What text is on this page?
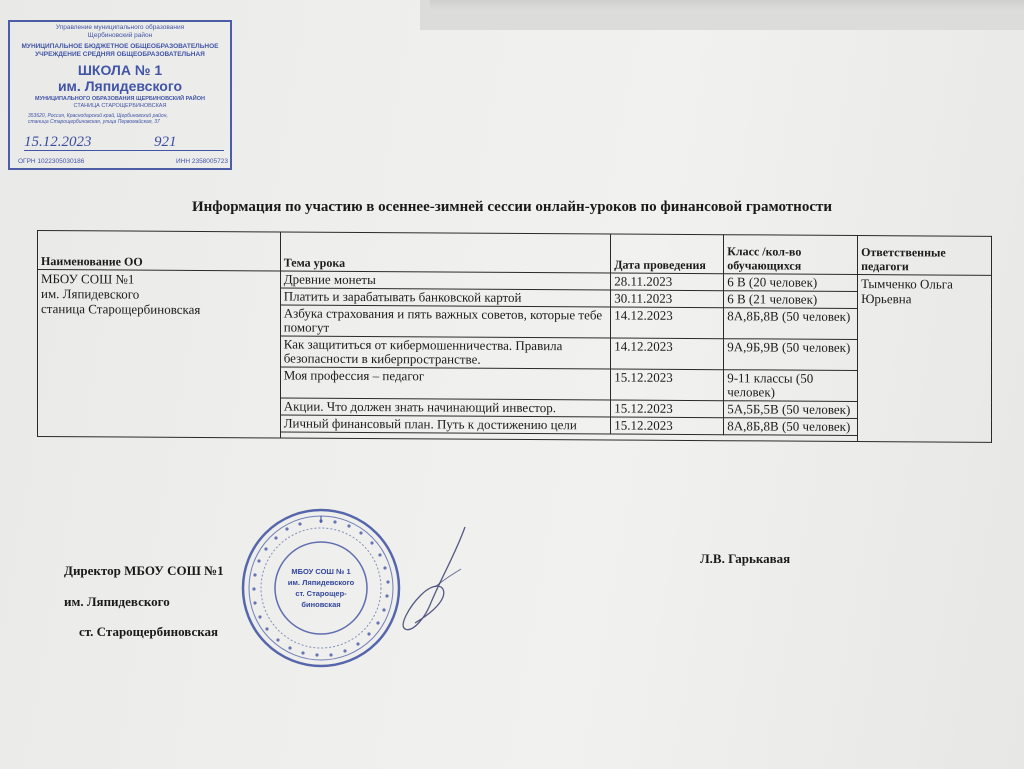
Управление муниципального образования
Щербиновский район
МУНИЦИПАЛЬНОЕ БЮДЖЕТНОЕ ОБЩЕОБРАЗОВАТЕЛЬНОЕ
УЧРЕЖДЕНИЕ СРЕДНЯЯ ОБЩЕОБРАЗОВАТЕЛЬНАЯ
ШКОЛА № 1
им. Ляпидевского
МУНИЦИПАЛЬНОГО ОБРАЗОВАНИЯ ЩЕРБИНОВСКИЙ РАЙОН
СТАНИЦА СТАРОЩЕРБИНОВСКАЯ
353620, Россия, Краснодарский край, Щербиновский район,
станица Старощербиновская, улица Первомайская, 37
15.12.2023	921
ОГРН 1022305030186	ИНН 2358005723
Информация по участию в осеннее-зимней сессии онлайн-уроков по финансовой грамотности
Наименование ОО	Тема урока	Дата проведения	Класс /кол-во обучающихся	Ответственные педагоги
МБОУ СОШ №1
им. Ляпидевского
станица Старощербиновская	Древние монеты	28.11.2023	6 В (20 человек)	Тымченко Ольга Юрьевна
	Платить и зарабатывать банковской картой	30.11.2023	6 В (21 человек)	
	Азбука страхования и пять важных советов, которые тебе помогут	14.12.2023	8А,8Б,8В (50 человек)	
	Как защититься от кибермошенничества. Правила безопасности в киберпространстве.	14.12.2023	9А,9Б,9В (50 человек)	
	Моя профессия – педагог	15.12.2023	9-11 классы (50 человек)	
	Акции. Что должен знать начинающий инвестор.	15.12.2023	5А,5Б,5В (50 человек)	
	Личный финансовый план. Путь к достижению цели	15.12.2023	8А,8Б,8В (50 человек)	

Директор МБОУ СОШ №1
им. Ляпидевского
ст. Старощербиновская
Л.В. Гарькавая
МБОУ СОШ № 1
им. Ляпидевского
ст. Старощер-
биновская
